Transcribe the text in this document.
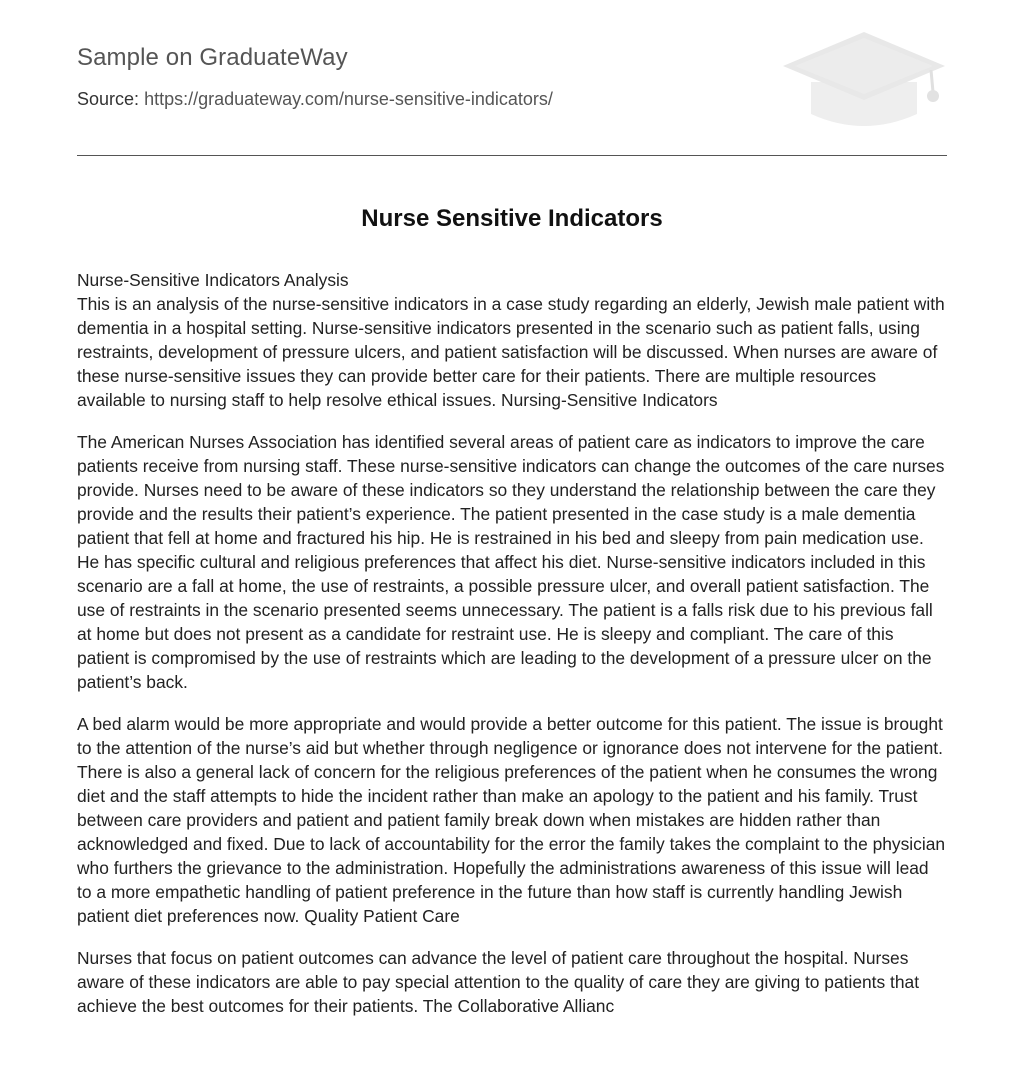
Sample on GraduateWay
Source: https://graduateway.com/nurse-sensitive-indicators/
Nurse Sensitive Indicators

Nurse-Sensitive Indicators Analysis
This is an analysis of the nurse-sensitive indicators in a case study regarding an elderly, Jewish male patient with dementia in a hospital setting. Nurse-sensitive indicators presented in the scenario such as patient falls, using restraints, development of pressure ulcers, and patient satisfaction will be discussed. When nurses are aware of these nurse-sensitive issues they can provide better care for their patients. There are multiple resources available to nursing staff to help resolve ethical issues. Nursing-Sensitive Indicators

The American Nurses Association has identified several areas of patient care as indicators to improve the care patients receive from nursing staff. These nurse-sensitive indicators can change the outcomes of the care nurses provide. Nurses need to be aware of these indicators so they understand the relationship between the care they provide and the results their patient’s experience. The patient presented in the case study is a male dementia patient that fell at home and fractured his hip. He is restrained in his bed and sleepy from pain medication use. He has specific cultural and religious preferences that affect his diet. Nurse-sensitive indicators included in this scenario are a fall at home, the use of restraints, a possible pressure ulcer, and overall patient satisfaction. The use of restraints in the scenario presented seems unnecessary. The patient is a falls risk due to his previous fall at home but does not present as a candidate for restraint use. He is sleepy and compliant. The care of this patient is compromised by the use of restraints which are leading to the development of a pressure ulcer on the patient’s back.

A bed alarm would be more appropriate and would provide a better outcome for this patient. The issue is brought to the attention of the nurse’s aid but whether through negligence or ignorance does not intervene for the patient. There is also a general lack of concern for the religious preferences of the patient when he consumes the wrong diet and the staff attempts to hide the incident rather than make an apology to the patient and his family. Trust between care providers and patient and patient family break down when mistakes are hidden rather than acknowledged and fixed. Due to lack of accountability for the error the family takes the complaint to the physician who furthers the grievance to the administration. Hopefully the administrations awareness of this issue will lead to a more empathetic handling of patient preference in the future than how staff is currently handling Jewish patient diet preferences now. Quality Patient Care

Nurses that focus on patient outcomes can advance the level of patient care throughout the hospital. Nurses aware of these indicators are able to pay special attention to the quality of care they are giving to patients that achieve the best outcomes for their patients. The Collaborative Allianc
